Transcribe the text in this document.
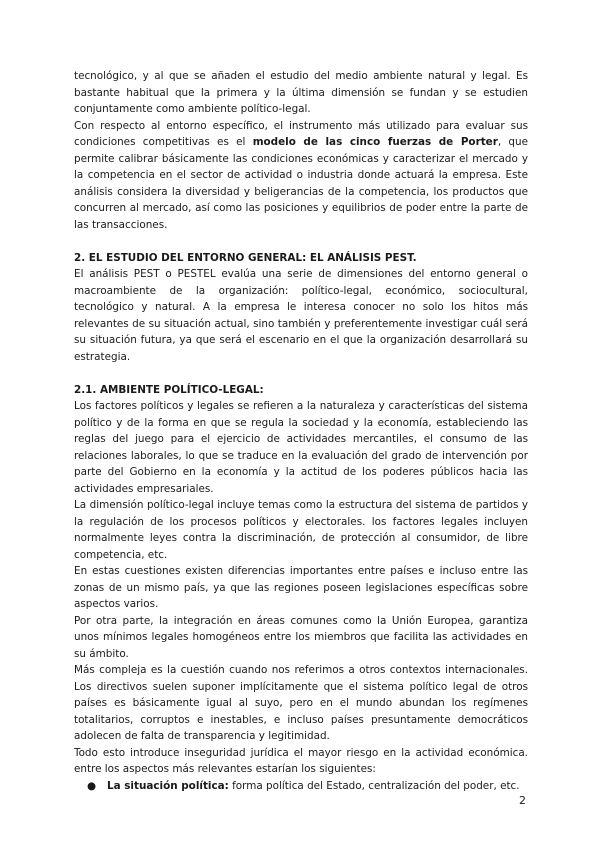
tecnológico, y al que se añaden el estudio del medio ambiente natural y legal. Es bastante habitual que la primera y la última dimensión se fundan y se estudien conjuntamente como ambiente político-legal.

Con respecto al entorno específico, el instrumento más utilizado para evaluar sus condiciones competitivas es el modelo de las cinco fuerzas de Porter, que permite calibrar básicamente las condiciones económicas y caracterizar el mercado y la competencia en el sector de actividad o industria donde actuará la empresa. Este análisis considera la diversidad y beligerancias de la competencia, los productos que concurren al mercado, así como las posiciones y equilibrios de poder entre la parte de las transacciones.

2. EL ESTUDIO DEL ENTORNO GENERAL: EL ANÁLISIS PEST.

El análisis PEST o PESTEL evalúa una serie de dimensiones del entorno general o macroambiente de la organización: político-legal, económico, sociocultural, tecnológico y natural. A la empresa le interesa conocer no solo los hitos más relevantes de su situación actual, sino también y preferentemente investigar cuál será su situación futura, ya que será el escenario en el que la organización desarrollará su estrategia.

2.1. AMBIENTE POLÍTICO-LEGAL:

Los factores políticos y legales se refieren a la naturaleza y características del sistema político y de la forma en que se regula la sociedad y la economía, estableciendo las reglas del juego para el ejercicio de actividades mercantiles, el consumo de las relaciones laborales, lo que se traduce en la evaluación del grado de intervención por parte del Gobierno en la economía y la actitud de los poderes públicos hacia las actividades empresariales.

La dimensión político-legal incluye temas como la estructura del sistema de partidos y la regulación de los procesos políticos y electorales. los factores legales incluyen normalmente leyes contra la discriminación, de protección al consumidor, de libre competencia, etc.

En estas cuestiones existen diferencias importantes entre países e incluso entre las zonas de un mismo país, ya que las regiones poseen legislaciones específicas sobre aspectos varios.

Por otra parte, la integración en áreas comunes como la Unión Europea, garantiza unos mínimos legales homogéneos entre los miembros que facilita las actividades en su ámbito.

Más compleja es la cuestión cuando nos referimos a otros contextos internacionales. Los directivos suelen suponer implícitamente que el sistema político legal de otros países es básicamente igual al suyo, pero en el mundo abundan los regímenes totalitarios, corruptos e inestables, e incluso países presuntamente democráticos adolecen de falta de transparencia y legitimidad.

Todo esto introduce inseguridad jurídica el mayor riesgo en la actividad económica. entre los aspectos más relevantes estarían los siguientes:

● La situación política: forma política del Estado, centralización del poder, etc.
2
